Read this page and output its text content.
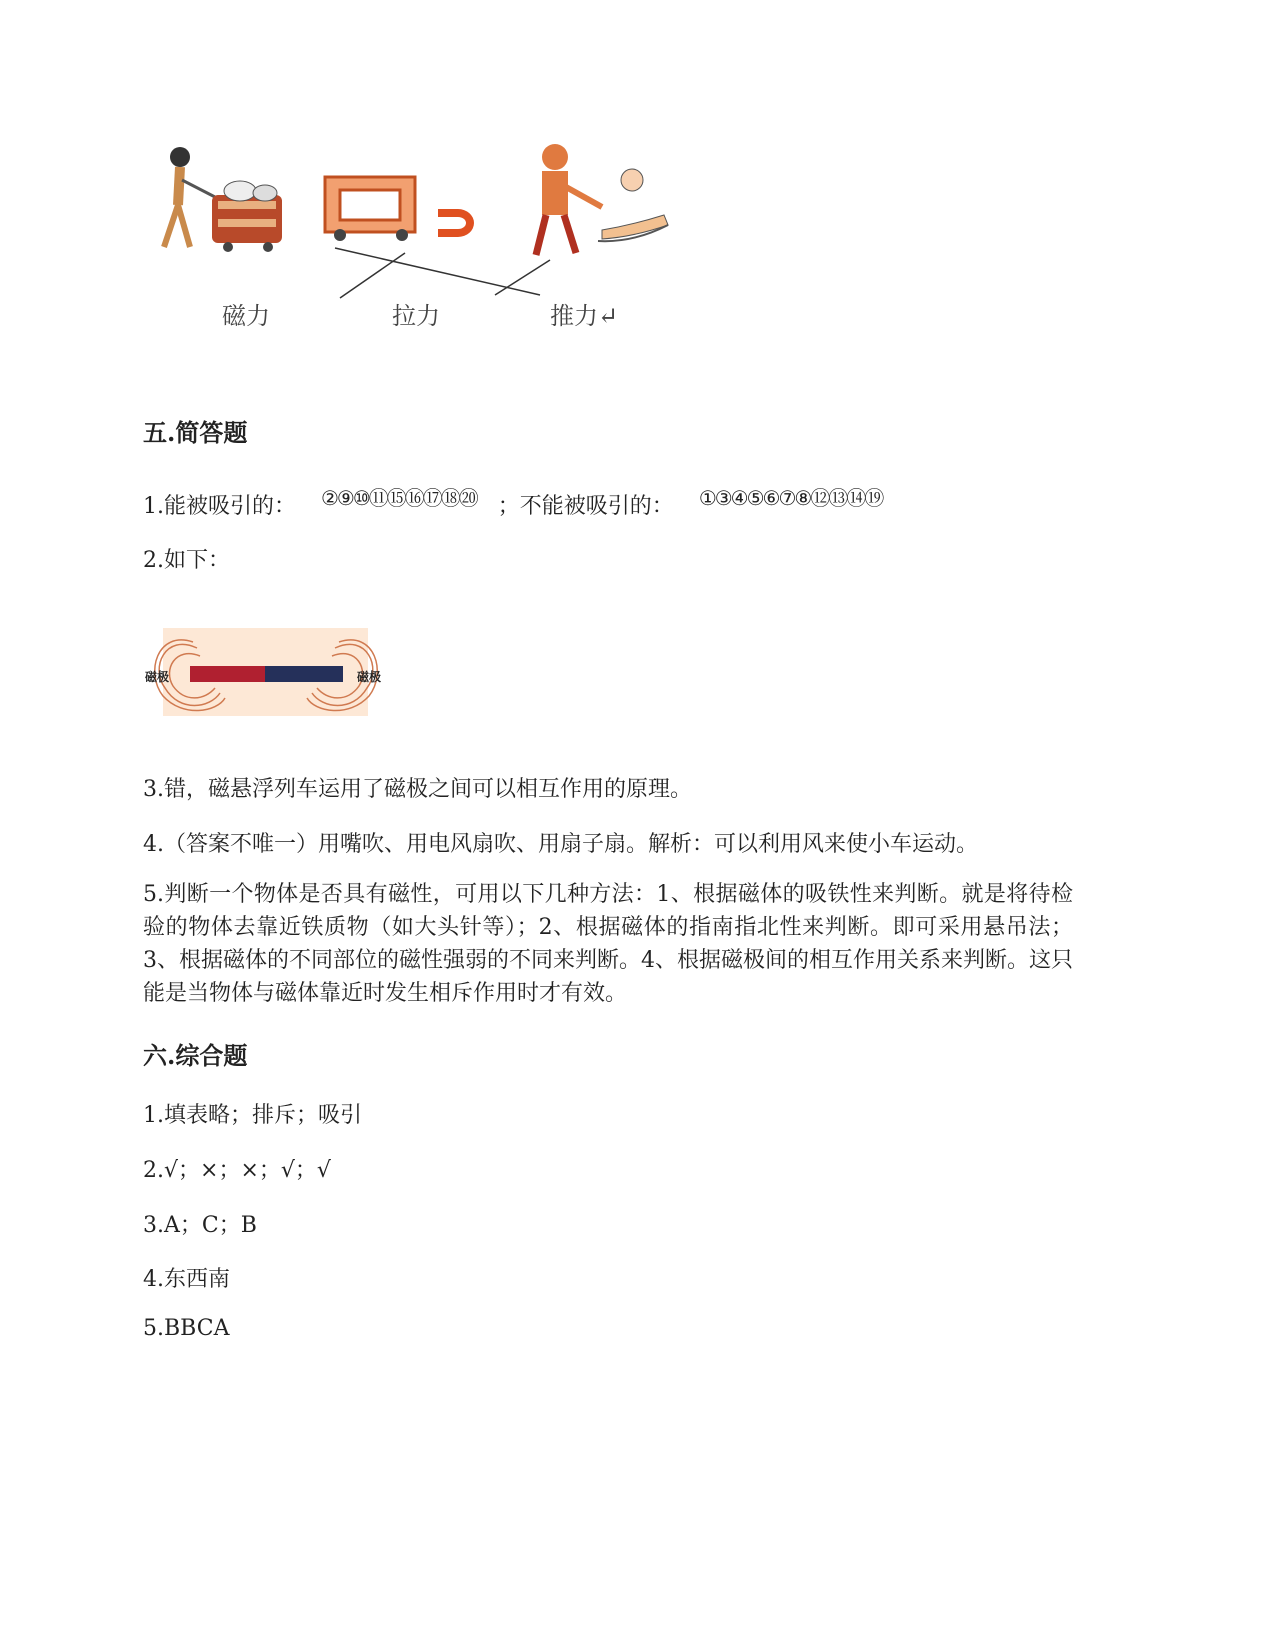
磁力	拉力	推力↵
五.简答题
1.能被吸引的： ②⑨⑩⑪⑮⑯⑰⑱⑳ ；不能被吸引的： ①③④⑤⑥⑦⑧⑫⑬⑭⑲
2.如下：
磁极	磁极
3.错，磁悬浮列车运用了磁极之间可以相互作用的原理。
4.（答案不唯一）用嘴吹、用电风扇吹、用扇子扇。解析：可以利用风来使小车运动。
5.判断一个物体是否具有磁性，可用以下几种方法：1、根据磁体的吸铁性来判断。就是将待检验的物体去靠近铁质物（如大头针等）；2、根据磁体的指南指北性来判断。即可采用悬吊法；3、根据磁体的不同部位的磁性强弱的不同来判断。4、根据磁极间的相互作用关系来判断。这只能是当物体与磁体靠近时发生相斥作用时才有效。
六.综合题
1.填表略；排斥；吸引
2.√；×；×；√；√
3.A；C；B
4.东西南
5.BBCA
